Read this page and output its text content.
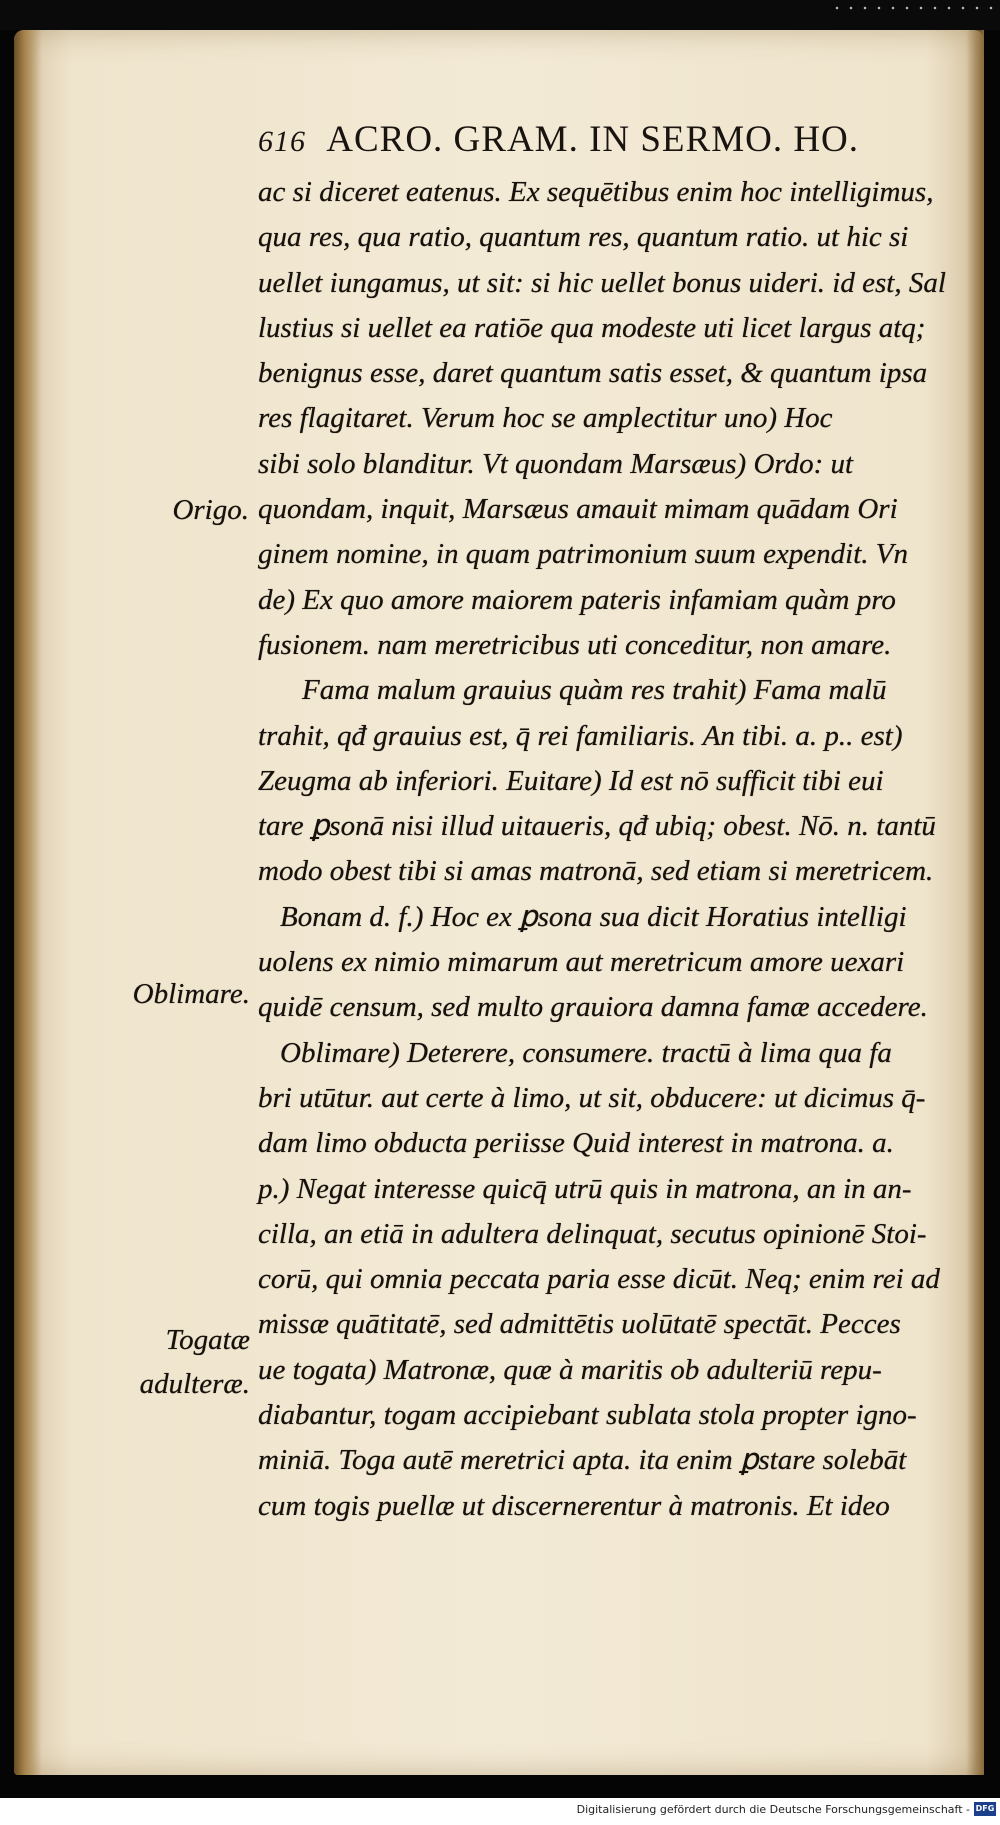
616 ACRO. GRAM. IN SERMO. HO.
ac si diceret eatenus. Ex sequētibus enim hoc intelligimus,
qua res, qua ratio, quantum res, quantum ratio. ut hic si
uellet iungamus, ut sit: si hic uellet bonus uideri. id est, Sal
lustius si uellet ea ratiōe qua modeste uti licet largus atq;
benignus esse, daret quantum satis esset, & quantum ipsa
res flagitaret. Verum hoc se amplectitur uno) Hoc
sibi solo blanditur. Vt quondam Marsæus) Ordo: ut
quondam, inquit, Marsæus amauit mimam quādam Ori
ginem nomine, in quam patrimonium suum expendit. Vn
de) Ex quo amore maiorem pateris infamiam quàm pro
fusionem. nam meretricibus uti conceditur, non amare.
Fama malum grauius quàm res trahit) Fama malū
trahit, qđ grauius est, q̄ rei familiaris. An tibi. a. p.. est)
Zeugma ab inferiori. Euitare) Id est nō sufficit tibi eui
tare ꝑsonā nisi illud uitaueris, qđ ubiq; obest. Nō. n. tantū
modo obest tibi si amas matronā, sed etiam si meretricem.
Bonam d. f.) Hoc ex ꝑsona sua dicit Horatius intelligi
uolens ex nimio mimarum aut meretricum amore uexari
quidē censum, sed multo grauiora damna famæ accedere.
Oblimare) Deterere, consumere. tractū à lima qua fa
bri utūtur. aut certe à limo, ut sit, obducere: ut dicimus q̄-
dam limo obducta periisse Quid interest in matrona. a.
p.) Negat interesse quicq̄ utrū quis in matrona, an in an-
cilla, an etiā in adultera delinquat, secutus opinionē Stoi-
corū, qui omnia peccata paria esse dicūt. Neq; enim rei ad
missæ quātitatē, sed admittētis uolūtatē spectāt. Pecces
ue togata) Matronæ, quæ à maritis ob adulteriū repu-
diabantur, togam accipiebant sublata stola propter igno-
miniā. Toga autē meretrici apta. ita enim ꝑstare solebāt
cum togis puellæ ut discernerentur à matronis. Et ideo
Origo.
Oblimare.
Togatæ
adulteræ.
Digitalisierung gefördert durch die Deutsche Forschungsgemeinschaft - DFG
